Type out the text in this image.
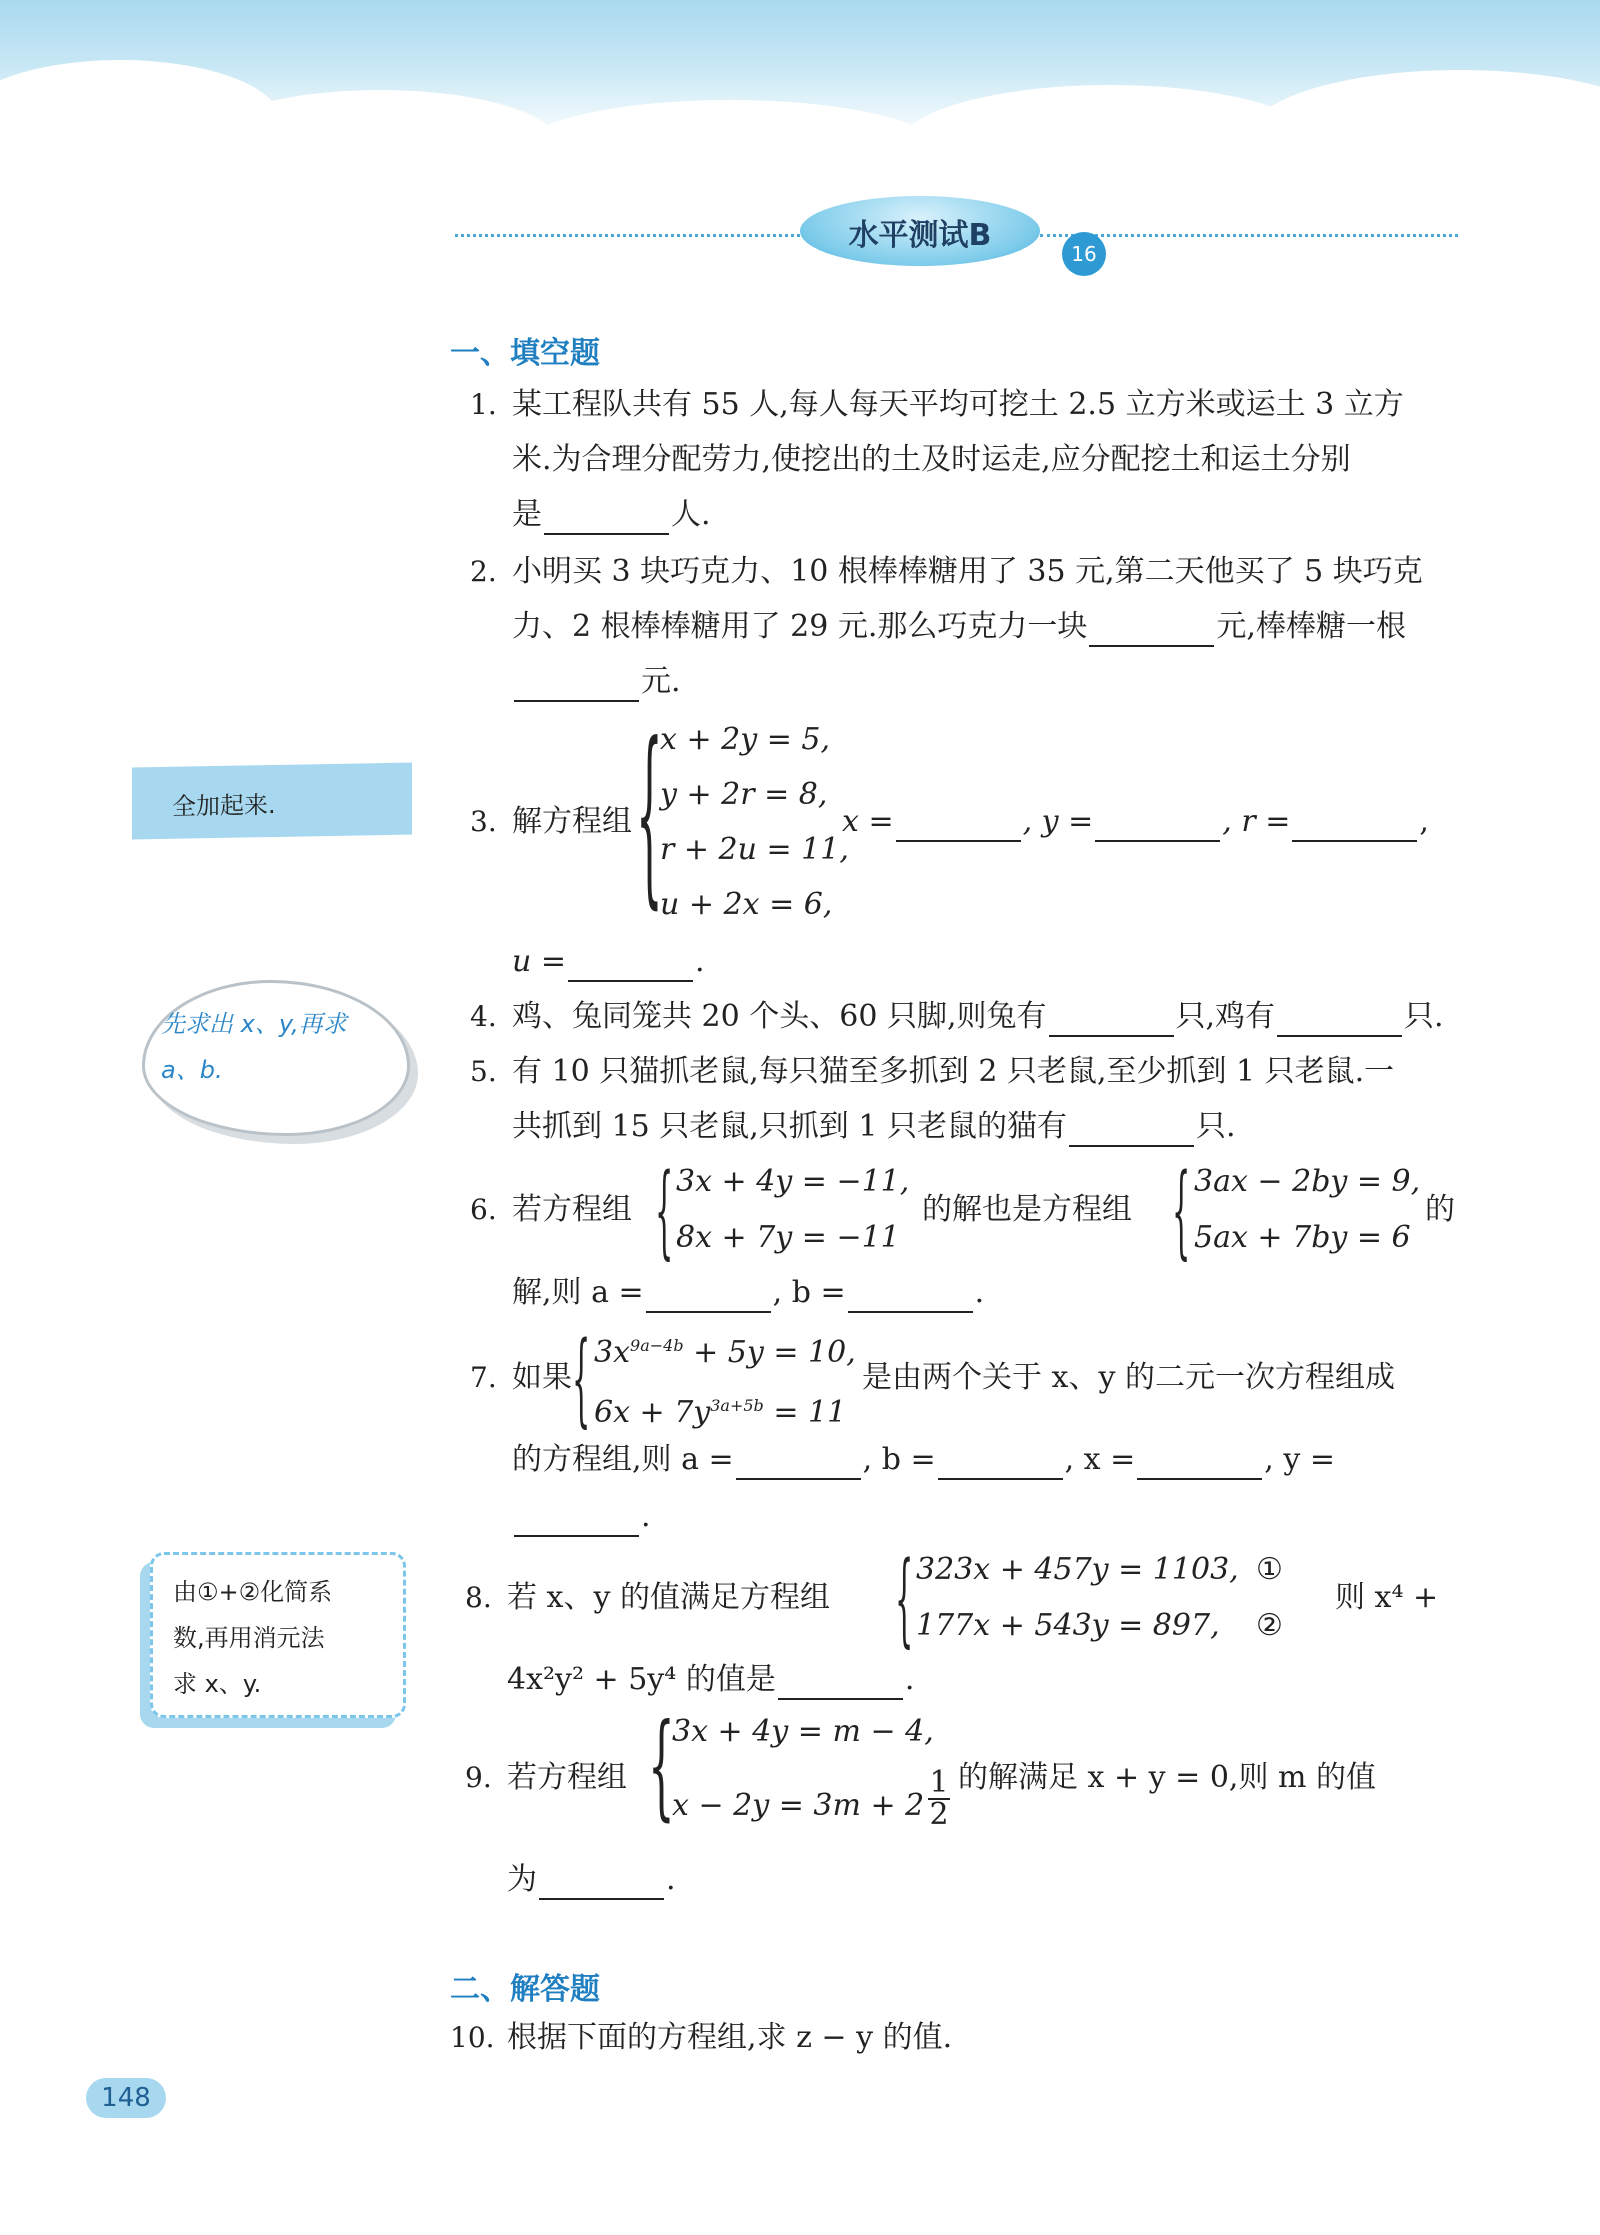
水平测试B
16
一、填空题
1. 某工程队共有 55 人,每人每天平均可挖土 2.5 立方米或运土 3 立方
米.为合理分配劳力,使挖出的土及时运走,应分配挖土和运土分别
是	人.
2. 小明买 3 块巧克力、10 根棒棒糖用了 35 元,第二天他买了 5 块巧克
力、2 根棒棒糖用了 29 元.那么巧克力一块	元,棒棒糖一根
元.
3. 解方程组 {
x + 2y = 5,
y + 2r = 8,
r + 2u = 11,
u + 2x = 6,
x =	, y =	, r =	,
u =	.
4. 鸡、兔同笼共 20 个头、60 只脚,则兔有	只,鸡有	只.
5. 有 10 只猫抓老鼠,每只猫至多抓到 2 只老鼠,至少抓到 1 只老鼠.一
共抓到 15 只老鼠,只抓到 1 只老鼠的猫有	只.
6. 若方程组 { 3x + 4y = −11,
8x + 7y = −11
的解也是方程组 { 3ax − 2by = 9,
5ax + 7by = 6
的
解,则 a =	, b =	.
7. 如果 { $3x^{9a-4b} + 5y = 10$,
$6x + 7y^{3a+5b} = 11$
是由两个关于 x、y 的二元一次方程组成
的方程组,则 a =	, b =	, x =	, y =
.
8. 若 x、y 的值满足方程组 { 323x + 457y = 1103, ①
177x + 543y = 897, ②
则 x⁴ +
4x²y² + 5y⁴ 的值是	.
9. 若方程组 {
3x + 4y = m − 4,
$x - 2y = 3m + 2 \frac{1}{2}$ 的解满足 x + y = 0,则 m 的值
为	.
二、解答题
10. 根据下面的方程组,求 z − y 的值.
全加起来.
先求出 x、y,再求
a、b.
由①+②化简系
数,再用消元法
求 x、y.
148
